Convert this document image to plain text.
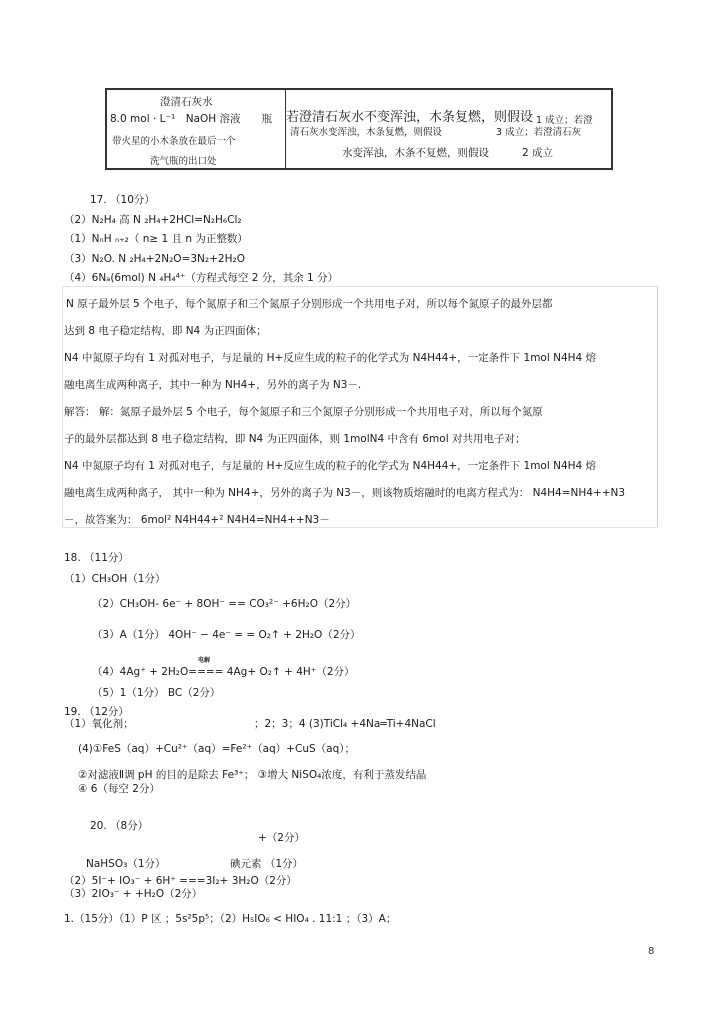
澄清石灰水
8.0 mol · L⁻¹　NaOH 溶液　　瓶
带火星的小木条放在最后一个
洗气瓶的出口处
若澄清石灰水不变浑浊，木条复燃，则假设 1 成立；若澄
清石灰水变浑浊，木条复燃，则假设	3 成立；若澄清石灰
水变浑浊，木条不复燃，则假设	2 成立
17. （10分）
（2）N₂H₄ 高 N ₂H₄+2HCl=N₂H₆Cl₂
（1）NₙH ₙ₊₂（ n≥ 1 且 n 为正整数）
（3）N₂O. N ₂H₄+2N₂O=3N₂+2H₂O
（4）6Nₐ(6mol) N ₄H₄⁴⁺（方程式每空 2 分，其余 1 分）
N 原子最外层 5 个电子，每个氮原子和三个氮原子分别形成一个共用电子对，所以每个氮原子的最外层都
达到 8 电子稳定结构，即 N4 为正四面体；
N4 中氮原子均有 1 对孤对电子，与足量的 H+反应生成的粒子的化学式为 N4H44+，一定条件下 1mol N4H4 熔
融电离生成两种离子，其中一种为 NH4+，另外的离子为 N3－.
解答： 解：氮原子最外层 5 个电子，每个氮原子和三个氮原子分别形成一个共用电子对，所以每个氮原
子的最外层都达到 8 电子稳定结构，即 N4 为正四面体，则 1molN4 中含有 6mol 对共用电子对；
N4 中氮原子均有 1 对孤对电子，与足量的 H+反应生成的粒子的化学式为 N4H44+，一定条件下 1mol N4H4 熔
融电离生成两种离子， 其中一种为 NH4+，另外的离子为 N3－，则该物质熔融时的电离方程式为： N4H4=NH4++N3
－，故答案为： 6mol² N4H44+² N4H4=NH4++N3－
18. （11分）
（1）CH₃OH（1分）
（2）CH₃OH- 6e⁻ + 8OH⁻ == CO₃²⁻ +6H₂O（2分）
（3）A（1分） 4OH⁻ − 4e⁻ = = O₂↑ + 2H₂O（2分）
电解
（4）4Ag⁺ + 2H₂O==== 4Ag+ O₂↑ + 4H⁺（2分）
（5）1（1分） BC（2分）
19. （12分）
（1）氧化剂；	；2；3；4 (3)TiCl₄ +4Na═Ti+4NaCl
(4)①FeS（aq）+Cu²⁺（aq）=Fe²⁺（aq）+CuS（aq）；
②对滤液Ⅱ调 pH 的目的是除去 Fe³⁺； ③增大 NiSO₄浓度，有利于蒸发结晶
④ 6（每空 2分）
20. （8分）
+（2分）
NaHSO₃（1分）	碘元素 （1分）
（2）5I⁻+ IO₃⁻ + 6H⁺ ===3I₂+ 3H₂O（2分）
（3）2IO₃⁻ + +H₂O（2分）
1.（15分）（1）P 区 ；5s²5p⁵；（2）H₅IO₆ < HIO₄ . 11:1 ；（3）A；
8
